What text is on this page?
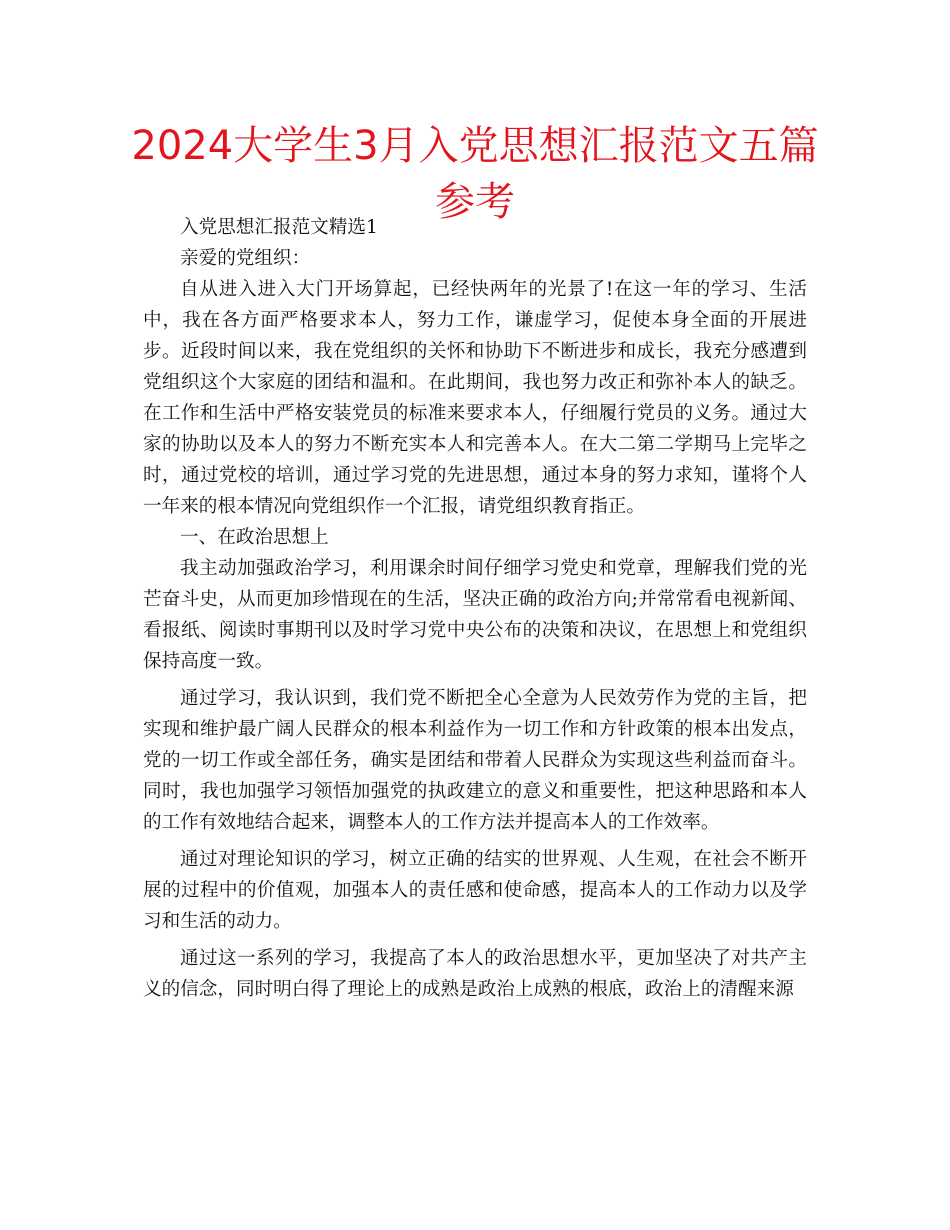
2024大学生3月入党思想汇报范文五篇参考

入党思想汇报范文精选1

亲爱的党组织：

自从进入进入大门开场算起，已经快两年的光景了!在这一年的学习、生活中，我在各方面严格要求本人，努力工作，谦虚学习，促使本身全面的开展进步。近段时间以来，我在党组织的关怀和协助下不断进步和成长，我充分感遭到党组织这个大家庭的团结和温和。在此期间，我也努力改正和弥补本人的缺乏。在工作和生活中严格安装党员的标准来要求本人，仔细履行党员的义务。通过大家的协助以及本人的努力不断充实本人和完善本人。在大二第二学期马上完毕之时，通过党校的培训，通过学习党的先进思想，通过本身的努力求知，谨将个人一年来的根本情况向党组织作一个汇报，请党组织教育指正。

一、在政治思想上

我主动加强政治学习，利用课余时间仔细学习党史和党章，理解我们党的光芒奋斗史，从而更加珍惜现在的生活，坚决正确的政治方向;并常常看电视新闻、看报纸、阅读时事期刊以及时学习党中央公布的决策和决议，在思想上和党组织保持高度一致。

通过学习，我认识到，我们党不断把全心全意为人民效劳作为党的主旨，把实现和维护最广阔人民群众的根本利益作为一切工作和方针政策的根本出发点，党的一切工作或全部任务，确实是团结和带着人民群众为实现这些利益而奋斗。同时，我也加强学习领悟加强党的执政建立的意义和重要性，把这种思路和本人的工作有效地结合起来，调整本人的工作方法并提高本人的工作效率。

通过对理论知识的学习，树立正确的结实的世界观、人生观，在社会不断开展的过程中的价值观，加强本人的责任感和使命感，提高本人的工作动力以及学习和生活的动力。

通过这一系列的学习，我提高了本人的政治思想水平，更加坚决了对共产主义的信念，同时明白得了理论上的成熟是政治上成熟的根底，政治上的清醒来源
